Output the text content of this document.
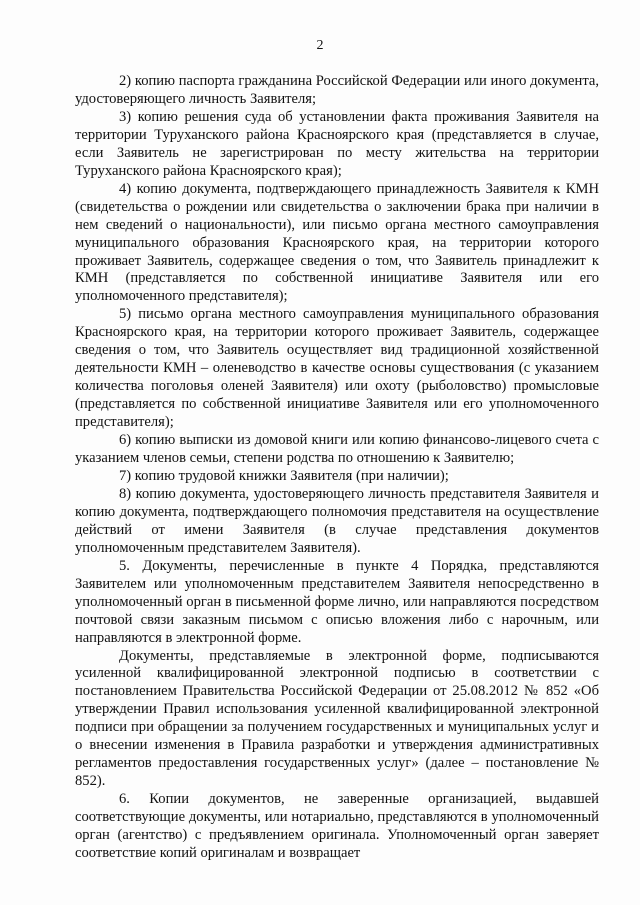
2

2) копию паспорта гражданина Российской Федерации или иного документа, удостоверяющего личность Заявителя;

3) копию решения суда об установлении факта проживания Заявителя на территории Туруханского района Красноярского края (представляется в случае, если Заявитель не зарегистрирован по месту жительства на территории Туруханского района Красноярского края);

4) копию документа, подтверждающего принадлежность Заявителя к КМН (свидетельства о рождении или свидетельства о заключении брака при наличии в нем сведений о национальности), или письмо органа местного самоуправления муниципального образования Красноярского края, на территории которого проживает Заявитель, содержащее сведения о том, что Заявитель принадлежит к КМН (представляется по собственной инициативе Заявителя или его уполномоченного представителя);

5) письмо органа местного самоуправления муниципального образования Красноярского края, на территории которого проживает Заявитель, содержащее сведения о том, что Заявитель осуществляет вид традиционной хозяйственной деятельности КМН – оленеводство в качестве основы существования (с указанием количества поголовья оленей Заявителя) или охоту (рыболовство) промысловые (представляется по собственной инициативе Заявителя или его уполномоченного представителя);

6) копию выписки из домовой книги или копию финансово-лицевого счета с указанием членов семьи, степени родства по отношению к Заявителю;

7) копию трудовой книжки Заявителя (при наличии);

8) копию документа, удостоверяющего личность представителя Заявителя и копию документа, подтверждающего полномочия представителя на осуществление действий от имени Заявителя (в случае представления документов уполномоченным представителем Заявителя).

5. Документы, перечисленные в пункте 4 Порядка, представляются Заявителем или уполномоченным представителем Заявителя непосредственно в уполномоченный орган в письменной форме лично, или направляются посредством почтовой связи заказным письмом с описью вложения либо с нарочным, или направляются в электронной форме.

Документы, представляемые в электронной форме, подписываются усиленной квалифицированной электронной подписью в соответствии с постановлением Правительства Российской Федерации от 25.08.2012 № 852 «Об утверждении Правил использования усиленной квалифицированной электронной подписи при обращении за получением государственных и муниципальных услуг и о внесении изменения в Правила разработки и утверждения административных регламентов предоставления государственных услуг» (далее – постановление № 852).

6. Копии документов, не заверенные организацией, выдавшей соответствующие документы, или нотариально, представляются в уполномоченный орган (агентство) с предъявлением оригинала. Уполномоченный орган заверяет соответствие копий оригиналам и возвращает
